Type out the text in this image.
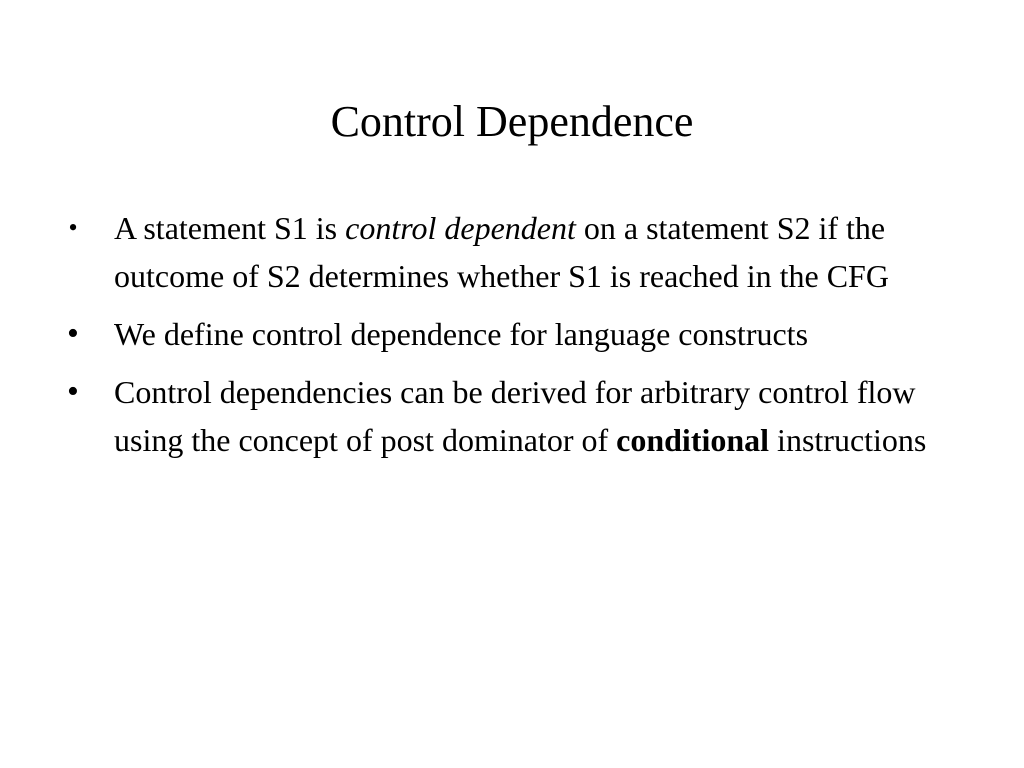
Control Dependence
•	A statement S1 is control dependent on a statement S2 if the outcome of S2 determines whether S1 is reached in the CFG
• We define control dependence for language constructs
• Control dependencies can be derived for arbitrary control flow using the concept of post dominator of conditional instructions
